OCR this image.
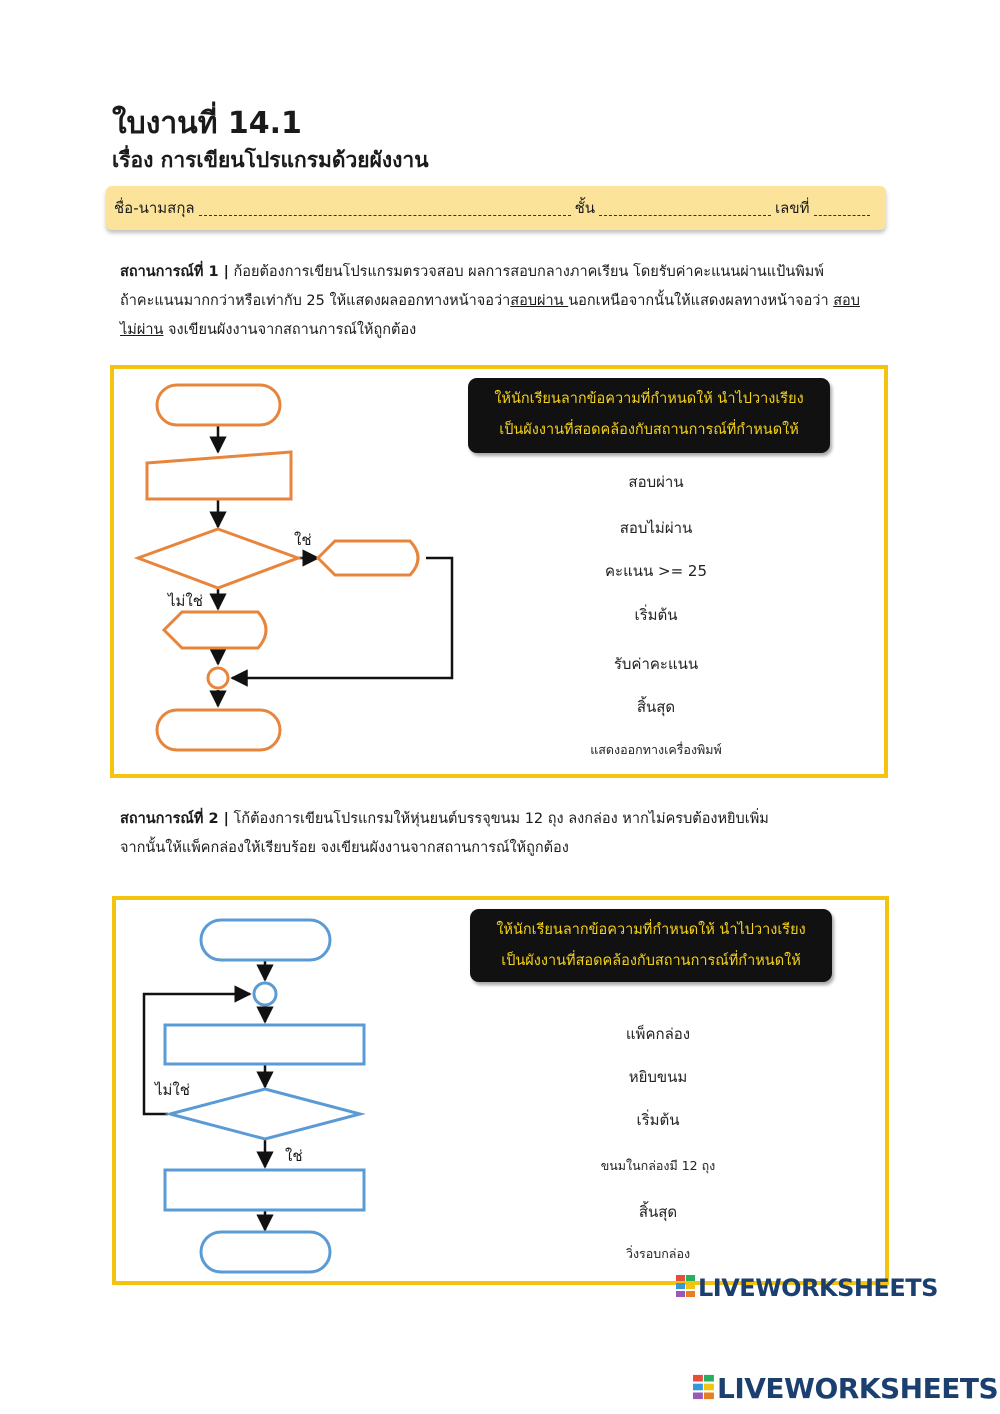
ใบงานที่ 14.1
เรื่อง การเขียนโปรแกรมด้วยผังงาน
ชื่อ-นามสกุล	ชั้น	เลขที่
สถานการณ์ที่ 1 | ก้อยต้องการเขียนโปรแกรมตรวจสอบ ผลการสอบกลางภาคเรียน โดยรับค่าคะแนนผ่านแป้นพิมพ์
ถ้าคะแนนมากกว่าหรือเท่ากับ 25 ให้แสดงผลออกทางหน้าจอว่าสอบผ่าน นอกเหนือจากนั้นให้แสดงผลทางหน้าจอว่า สอบ
ไม่ผ่าน จงเขียนผังงานจากสถานการณ์ให้ถูกต้อง
ใช่
ไม่ใช่
ให้นักเรียนลากข้อความที่กำหนดให้ นำไปวางเรียง
เป็นผังงานที่สอดคล้องกับสถานการณ์ที่กำหนดให้
สอบผ่าน
สอบไม่ผ่าน
คะแนน >= 25
เริ่มต้น
รับค่าคะแนน
สิ้นสุด
แสดงออกทางเครื่องพิมพ์
สถานการณ์ที่ 2 | โก้ต้องการเขียนโปรแกรมให้หุ่นยนต์บรรจุขนม 12 ถุง ลงกล่อง หากไม่ครบต้องหยิบเพิ่ม
จากนั้นให้แพ็คกล่องให้เรียบร้อย จงเขียนผังงานจากสถานการณ์ให้ถูกต้อง
ไม่ใช่
ใช่
ให้นักเรียนลากข้อความที่กำหนดให้ นำไปวางเรียง
เป็นผังงานที่สอดคล้องกับสถานการณ์ที่กำหนดให้
แพ็คกล่อง
หยิบขนม
เริ่มต้น
ขนมในกล่องมี 12 ถุง
สิ้นสุด
วิ่งรอบกล่อง
LIVEWORKSHEETS
LIVEWORKSHEETS
